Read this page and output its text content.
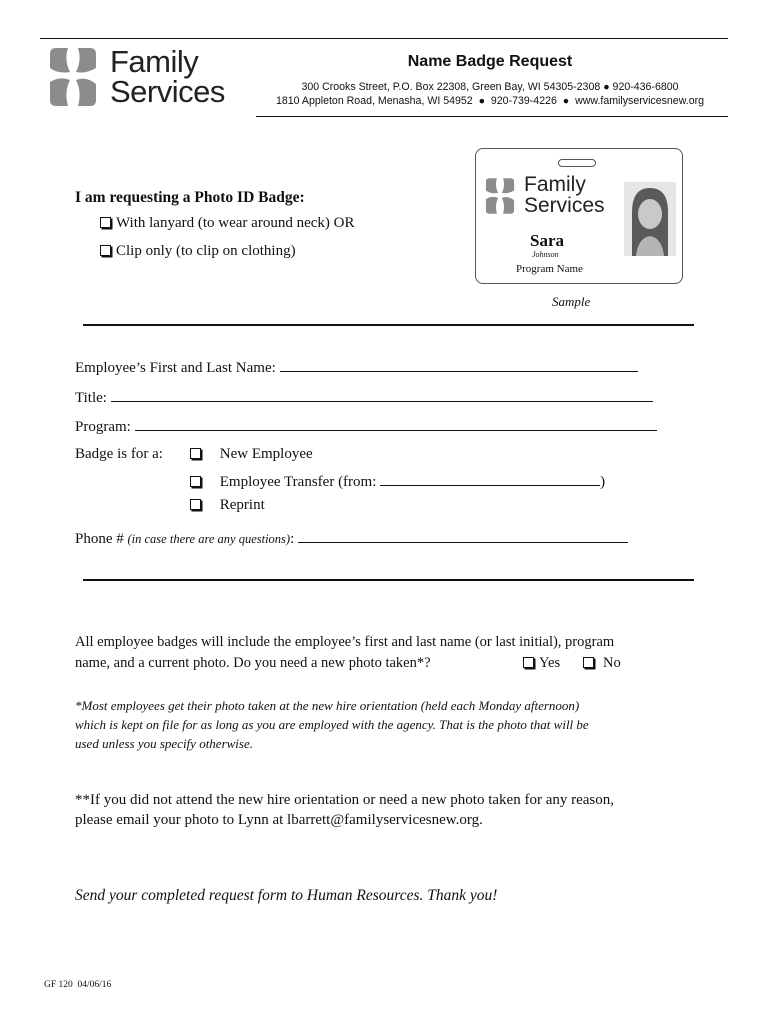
Family
Services
Name Badge Request
300 Crooks Street, P.O. Box 22308, Green Bay, WI 54305-2308 ● 920-436-6800
1810 Appleton Road, Menasha, WI 54952  ●  920-739-4226  ●  www.familyservicesnew.org
Family
Services
Sara
Johnson
Program Name
Sample
I am requesting a Photo ID Badge:
With lanyard (to wear around neck) OR
Clip only (to clip on clothing)
Employee’s First and Last Name:
Title:
Program:
Badge is for a:	New Employee
Employee Transfer (from:	)
Reprint
Phone # (in case there are any questions):
All employee badges will include the employee’s first and last name (or last initial), program
name, and a current photo. Do you need a new photo taken*?	Yes	No
*Most employees get their photo taken at the new hire orientation (held each Monday afternoon)
which is kept on file for as long as you are employed with the agency. That is the photo that will be
used unless you specify otherwise.
**If you did not attend the new hire orientation or need a new photo taken for any reason,
please email your photo to Lynn at lbarrett@familyservicesnew.org.
Send your completed request form to Human Resources. Thank you!
GF 120  04/06/16
